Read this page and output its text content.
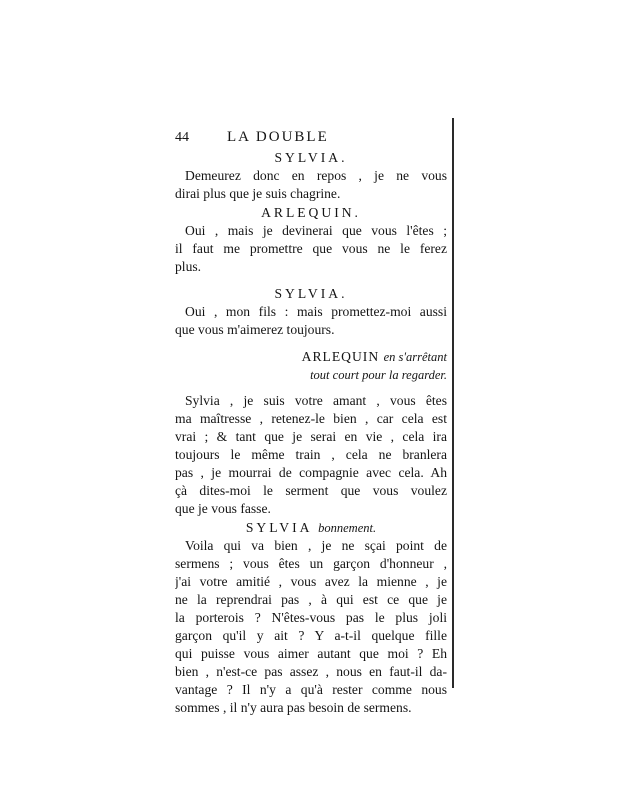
44	LA DOUBLE
SYLVIA.
Demeurez donc en repos , je ne vous
dirai plus que je suis chagrine.
ARLEQUIN.
Oui , mais je devinerai que vous l'êtes ;
il faut me promettre que vous ne le ferez
plus.
SYLVIA.
Oui , mon fils : mais promettez-moi aussi
que vous m'aimerez toujours.
ARLEQUIN en s'arrêtant
tout court pour la regarder.
Sylvia , je suis votre amant , vous êtes
ma maîtresse , retenez-le bien , car cela est
vrai ; & tant que je serai en vie , cela ira
toujours le même train , cela ne branlera
pas , je mourrai de compagnie avec cela. Ah
çà dites-moi le serment que vous voulez
que je vous fasse.
SYLVIA bonnement.
Voila qui va bien , je ne sçai point de
sermens ; vous êtes un garçon d'honneur ,
j'ai votre amitié , vous avez la mienne , je
ne la reprendrai pas , à qui est ce que je
la porterois ? N'êtes-vous pas le plus joli
garçon qu'il y ait ? Y a-t-il quelque fille
qui puisse vous aimer autant que moi ? Eh
bien , n'est-ce pas assez , nous en faut-il da-
vantage ? Il n'y a qu'à rester comme nous
sommes , il n'y aura pas besoin de sermens.
